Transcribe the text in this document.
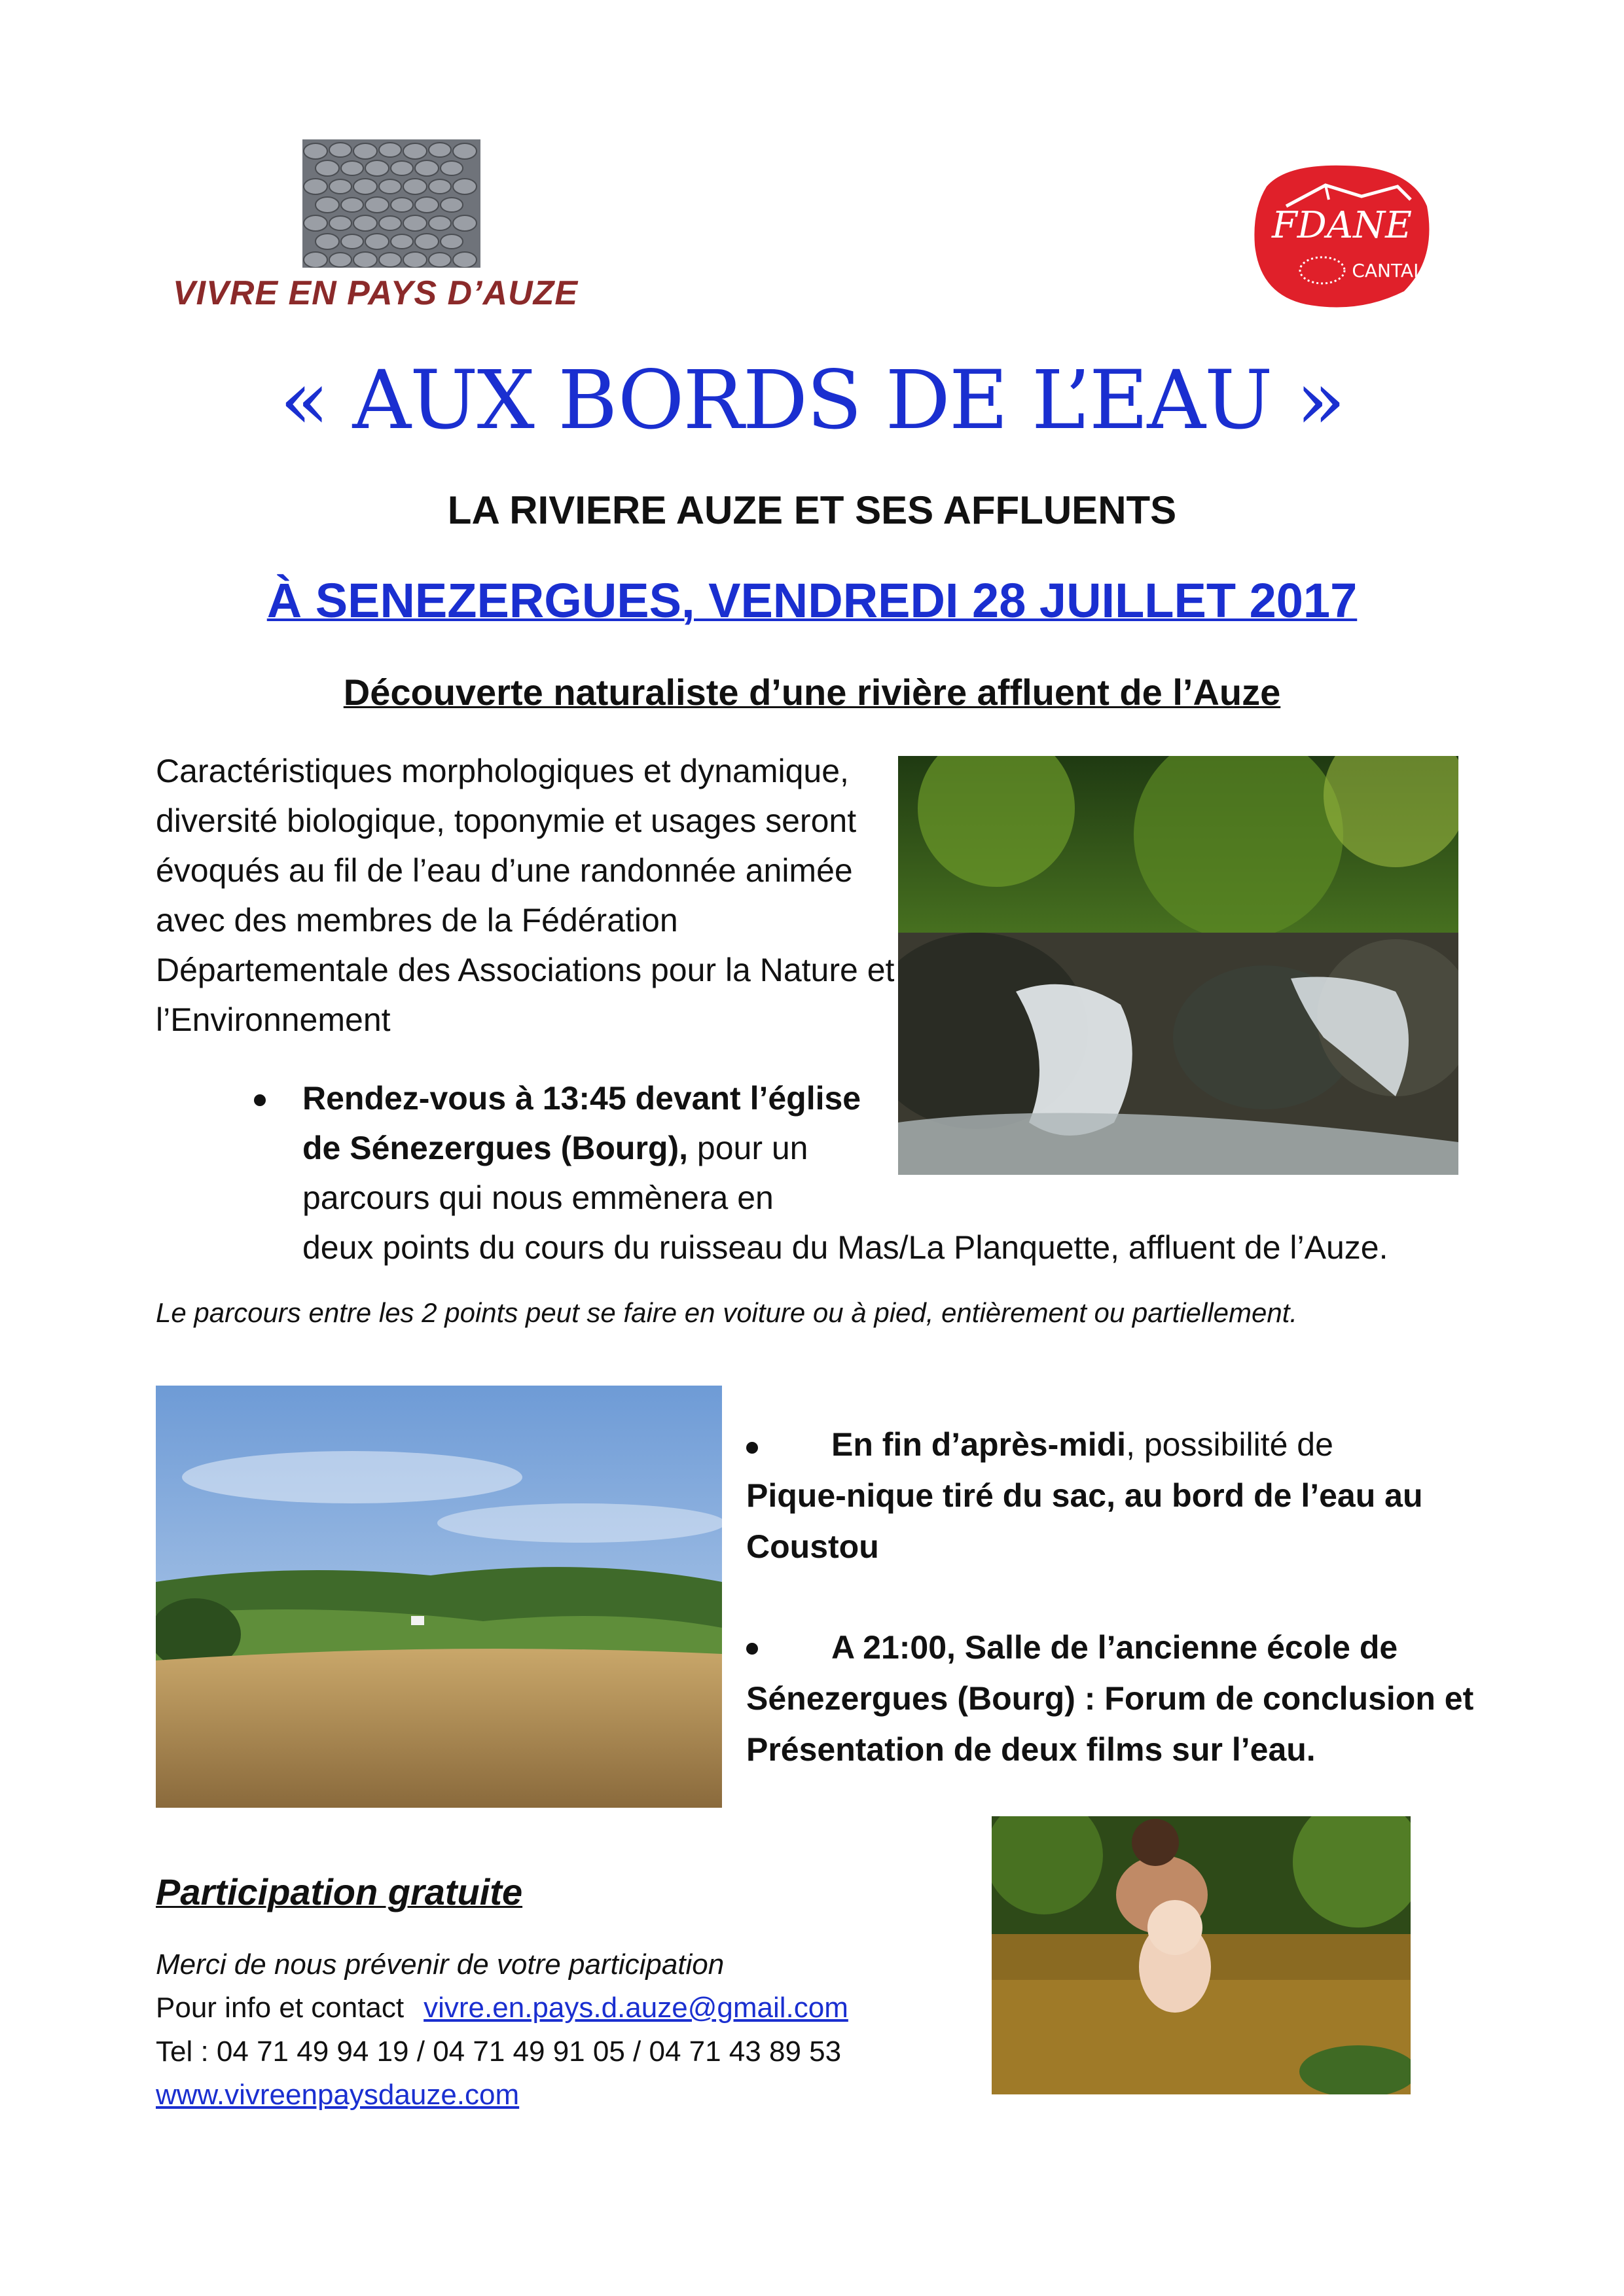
VIVRE EN PAYS D’AUZE
FDANE
CANTAL
« AUX BORDS DE L’EAU »
LA RIVIERE AUZE ET SES AFFLUENTS
À SENEZERGUES, VENDREDI 28 JUILLET 2017
Découverte naturaliste d’une rivière affluent de l’Auze
Caractéristiques morphologiques et dynamique, diversité biologique, toponymie et usages seront évoqués au fil de l’eau d’une randonnée animée avec des membres de la Fédération Départementale des Associations pour la Nature et l’Environnement
Rendez-vous à 13:45 devant l’église de Sénezergues (Bourg), pour un parcours qui nous emmènera en
deux points du cours du ruisseau du Mas/La Planquette, affluent de l’Auze.
Le parcours entre les 2 points peut se faire en voiture ou à pied, entièrement ou partiellement.
En fin d’après-midi, possibilité de
Pique-nique tiré du sac, au bord de l’eau au Coustou
A 21:00, Salle de l’ancienne école de Sénezergues (Bourg) : Forum de conclusion et Présentation de deux films sur l’eau.
Participation gratuite
Merci de nous prévenir de votre participation
Pour info et contact vivre.en.pays.d.auze@gmail.com
Tel : 04 71 49 94 19 / 04 71 49 91 05 / 04 71 43 89 53
www.vivreenpaysdauze.com
